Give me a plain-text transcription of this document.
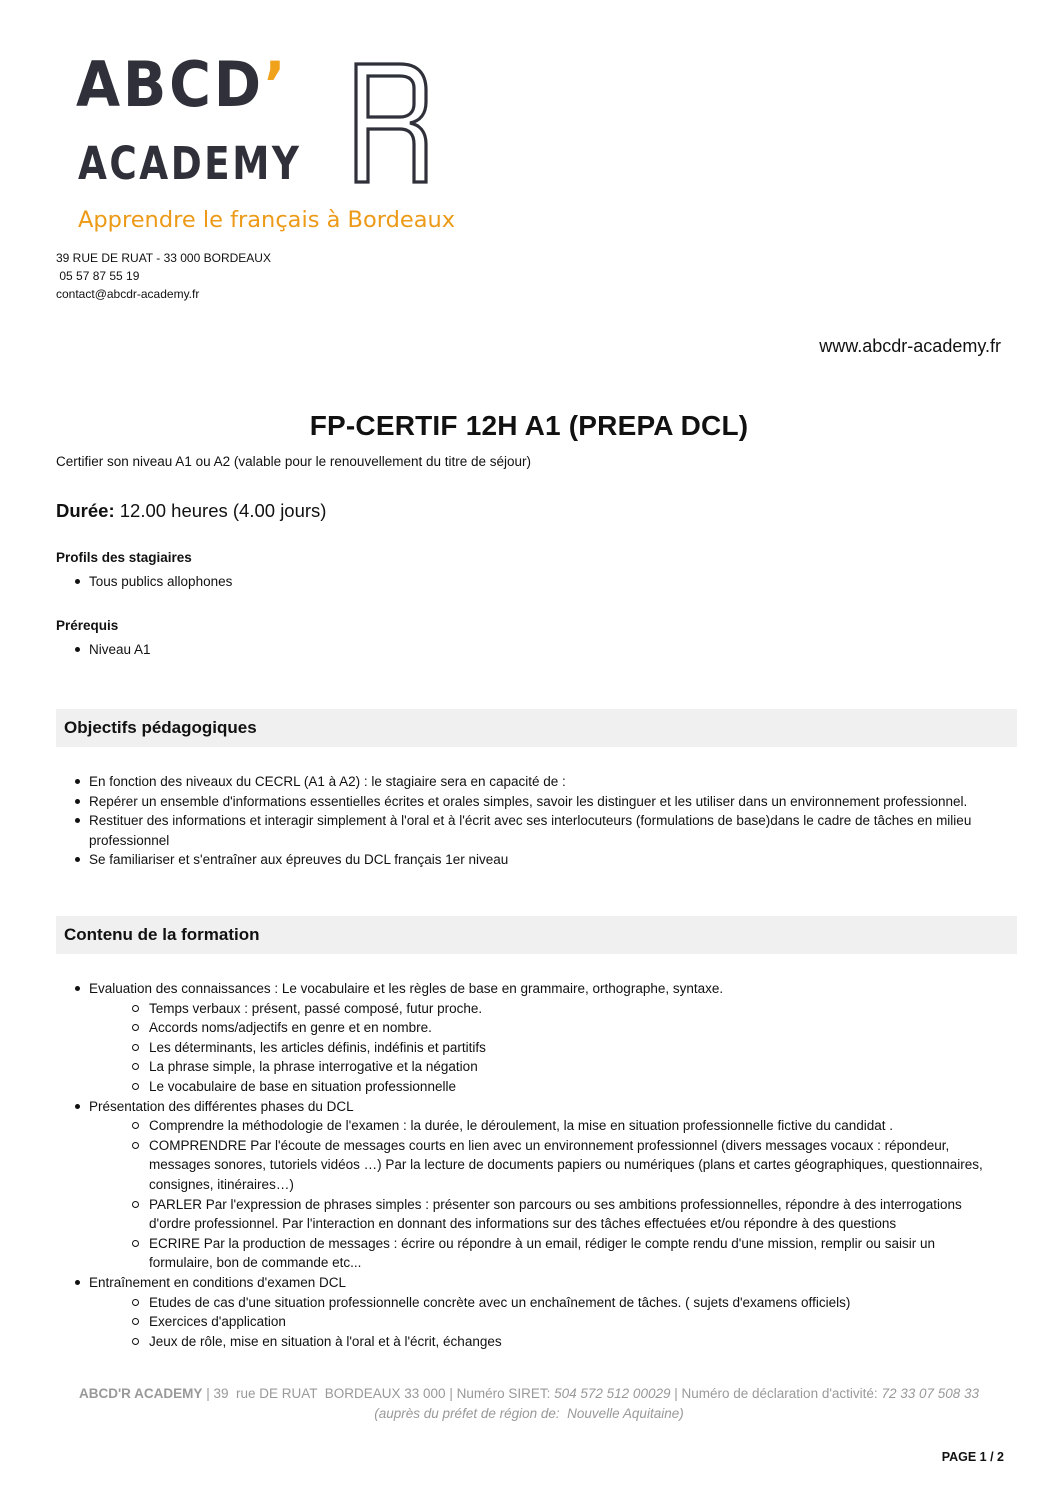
ABCD’
ACADEMY
Apprendre le français à Bordeaux
39 RUE DE RUAT - 33 000 BORDEAUX
05 57 87 55 19
contact@abcdr-academy.fr
www.abcdr-academy.fr
FP-CERTIF 12H A1 (PREPA DCL)
Certifier son niveau A1 ou A2 (valable pour le renouvellement du titre de séjour)
Durée: 12.00 heures (4.00 jours)
Profils des stagiaires
Tous publics allophones
Prérequis
Niveau A1
Objectifs pédagogiques
En fonction des niveaux du CECRL (A1 à A2) : le stagiaire sera en capacité de :
Repérer un ensemble d'informations essentielles écrites et orales simples, savoir les distinguer et les utiliser dans un environnement professionnel.
Restituer des informations et interagir simplement à l'oral et à l'écrit avec ses interlocuteurs (formulations de base)dans le cadre de tâches en milieu professionnel
Se familiariser et s'entraîner aux épreuves du DCL français 1er niveau
Contenu de la formation
Evaluation des connaissances : Le vocabulaire et les règles de base en grammaire, orthographe, syntaxe.
Temps verbaux : présent, passé composé, futur proche.
Accords noms/adjectifs en genre et en nombre.
Les déterminants, les articles définis, indéfinis et partitifs
La phrase simple, la phrase interrogative et la négation
Le vocabulaire de base en situation professionnelle
Présentation des différentes phases du DCL
Comprendre la méthodologie de l'examen : la durée, le déroulement, la mise en situation professionnelle fictive du candidat .
COMPRENDRE Par l'écoute de messages courts en lien avec un environnement professionnel (divers messages vocaux : répondeur, messages sonores, tutoriels vidéos …) Par la lecture de documents papiers ou numériques (plans et cartes géographiques, questionnaires, consignes, itinéraires…)
PARLER Par l'expression de phrases simples : présenter son parcours ou ses ambitions professionnelles, répondre à des interrogations d'ordre professionnel. Par l'interaction en donnant des informations sur des tâches effectuées et/ou répondre à des questions
ECRIRE Par la production de messages : écrire ou répondre à un email, rédiger le compte rendu d'une mission, remplir ou saisir un formulaire, bon de commande etc...
Entraînement en conditions d'examen DCL
Etudes de cas d'une situation professionnelle concrète avec un enchaînement de tâches. ( sujets d'examens officiels)
Exercices d'application
Jeux de rôle, mise en situation à l'oral et à l'écrit, échanges
ABCD'R ACADEMY | 39  rue DE RUAT  BORDEAUX 33 000 | Numéro SIRET: 504 572 512 00029 | Numéro de déclaration d'activité: 72 33 07 508 33 (auprès du préfet de région de:  Nouvelle Aquitaine)
PAGE 1 / 2
